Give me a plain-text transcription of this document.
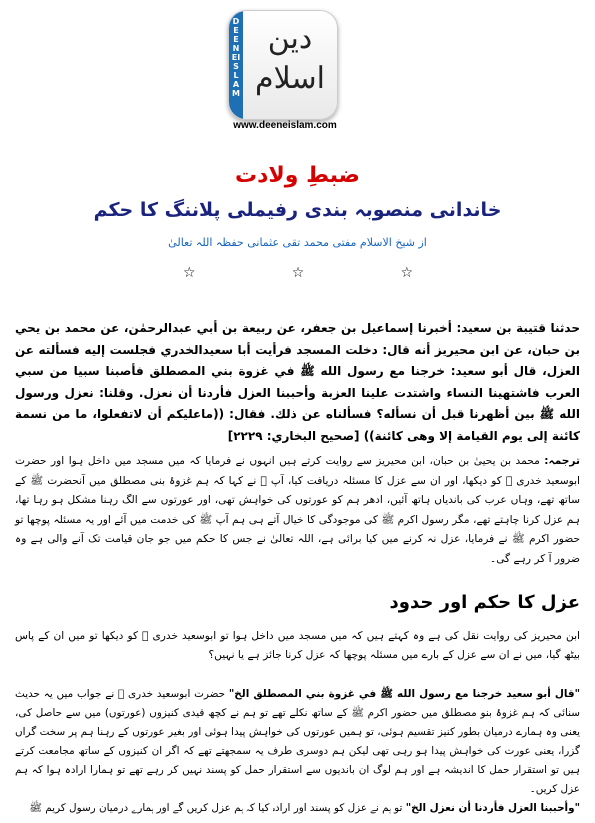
DEENEISLAM
دین اسلام
www.deeneislam.com
ضبطِ ولادت
خاندانی منصوبہ بندی رفیملی پلاننگ کا حکم
از شیخ الاسلام مفتی محمد تقی عثمانی حفظہ اللہ تعالیٰ
☆	☆	☆
حدثنا قتيبة بن سعيد: أخبرنا إسماعيل بن جعفر، عن ربيعة بن أبي عبدالرحمٰن، عن محمد بن يحي بن حبان، عن ابن محيريز أنه قال: دخلت المسجد فرأيت أبا سعيدالخدري فجلست إليه فسألته عن العزل، قال أبو سعيد: خرجنا مع رسول الله ﷺ في غزوة بني المصطلق فأصبنا سبيا من سبي العرب فاشتهينا النساء واشتدت علينا العزبة وأحببنا العزل فأردنا أن نعزل. وقلنا: نعزل ورسول الله ﷺ بين أظهرنا قبل أن نسأله؟ فسألناه عن ذلك. فقال: ((ماعليكم أن لاتفعلوا، ما من نسمة كائنة إلى يوم القيامة إلا وهى كائنة)) [صحيح البخاري: ٢٢٢٩]
ترجمہ: محمد بن یحییٰ بن حبان، ابن محیریز سے روایت کرتے ہیں انہوں نے فرمایا کہ میں مسجد میں داخل ہوا اور حضرت ابوسعید خدری ﷛ کو دیکھا، اور ان سے عزل کا مسئلہ دریافت کیا، آپ ﷛ نے کہا کہ ہم غزوۂ بنی مصطلق میں آنحضرت ﷺ کے ساتھ تھے، وہاں عرب کی باندیاں ہاتھ آئیں، ادھر ہم کو عورتوں کی خواہش تھی، اور عورتوں سے الگ رہنا مشکل ہو رہا تھا، ہم عزل کرنا چاہتے تھے، مگر رسول اکرم ﷺ کی موجودگی کا خیال آتے ہی ہم آپ ﷺ کی خدمت میں آئے اور یہ مسئلہ پوچھا تو حضور اکرم ﷺ نے فرمایا، عزل نہ کرنے میں کیا برائی ہے، اللہ تعالیٰ نے جس کا حکم میں جو جان قیامت تک آنے والی ہے وہ ضرور آ کر رہے گی۔
عزل کا حکم اور حدود
ابن محیریز کی روایت نقل کی ہے وہ کہتے ہیں کہ میں مسجد میں داخل ہوا تو ابوسعید خدری ﷛ کو دیکھا تو میں ان کے پاس بیٹھ گیا، میں نے ان سے عزل کے بارے میں مسئلہ پوچھا کہ عزل کرنا جائز ہے یا نہیں؟
"قال أبو سعيد خرجنا مع رسول الله ﷺ في غزوة بني المصطلق الخ" حضرت ابوسعید خدری ﷛ نے جواب میں یہ حدیث سنائی کہ ہم غزوۂ بنو مصطلق میں حضور اکرم ﷺ کے ساتھ نکلے تھے تو ہم نے کچھ قیدی کنیزوں (عورتوں) میں سے حاصل کی، یعنی وہ ہمارے درمیان بطور کنیز تقسیم ہوئی، تو ہمیں عورتوں کی خواہش پیدا ہوئی اور بغیر عورتوں کے رہنا ہم پر سخت گراں گزرا، یعنی عورت کی خواہش پیدا ہو رہی تھی لیکن ہم دوسری طرف یہ سمجھتے تھے کہ اگر ان کنیزوں کے ساتھ مجامعت کرتے ہیں تو استقرار حمل کا اندیشہ ہے اور ہم لوگ ان باندیوں سے استقرار حمل کو پسند نہیں کر رہے تھے تو ہمارا ارادہ ہوا کہ ہم عزل کریں۔
"وأحببنا العزل فأردنا أن نعزل الخ" تو ہم نے عزل کو پسند اور ارادہ کیا کہ ہم عزل کریں گے اور ہمارے درمیان رسول کریم ﷺ
